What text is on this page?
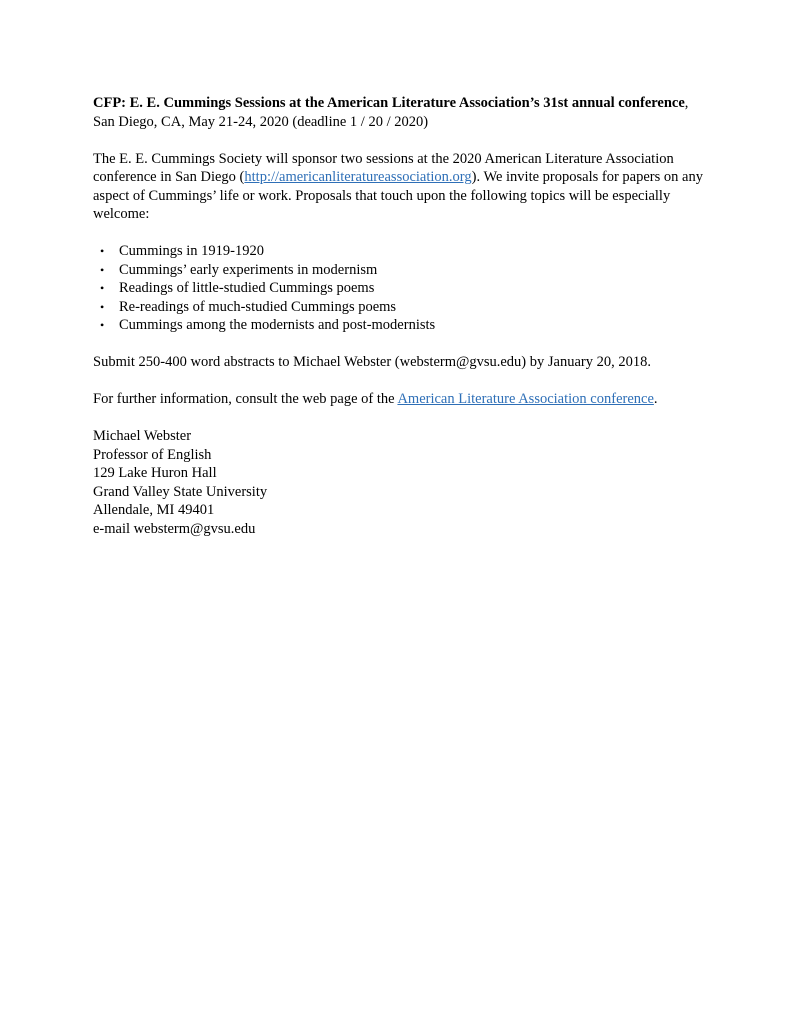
CFP: E. E. Cummings Sessions at the American Literature Association’s 31st annual conference, San Diego, CA, May 21-24, 2020 (deadline 1 / 20 / 2020)

The E. E. Cummings Society will sponsor two sessions at the 2020 American Literature Association conference in San Diego (http://americanliteratureassociation.org). We invite proposals for papers on any aspect of Cummings’ life or work. Proposals that touch upon the following topics will be especially welcome:

•	Cummings in 1919-1920
•	Cummings’ early experiments in modernism
•	Readings of little-studied Cummings poems
•	Re-readings of much-studied Cummings poems
•	Cummings among the modernists and post-modernists

Submit 250-400 word abstracts to Michael Webster (websterm@gvsu.edu) by January 20, 2018.

For further information, consult the web page of the American Literature Association conference.

Michael Webster
Professor of English
129 Lake Huron Hall
Grand Valley State University
Allendale, MI 49401
e-mail websterm@gvsu.edu
